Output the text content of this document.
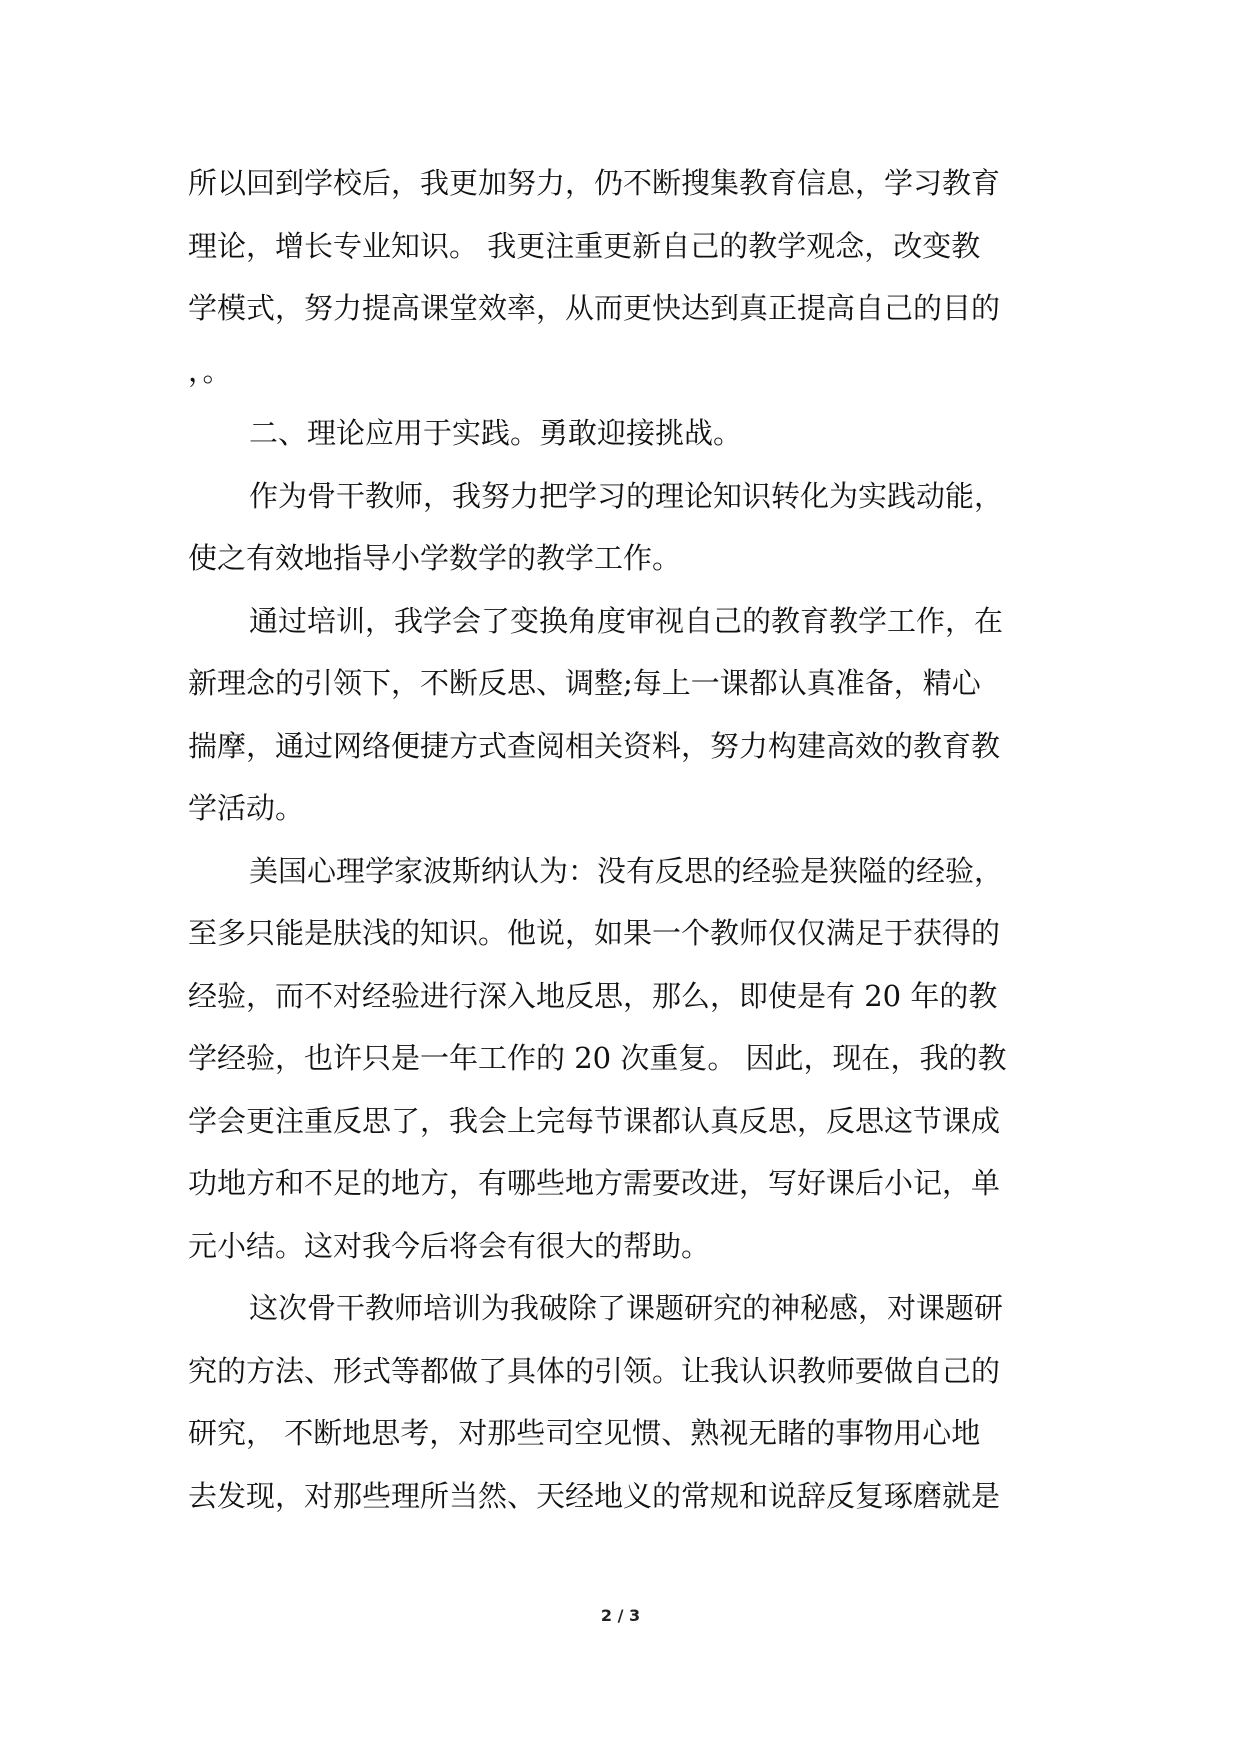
所以回到学校后，我更加努力，仍不断搜集教育信息，学习教育
理论，增长专业知识。 我更注重更新自己的教学观念，改变教
学模式，努力提高课堂效率，从而更快达到真正提高自己的目的
，。
二、理论应用于实践。勇敢迎接挑战。
作为骨干教师，我努力把学习的理论知识转化为实践动能，
使之有效地指导小学数学的教学工作。
通过培训，我学会了变换角度审视自己的教育教学工作，在
新理念的引领下，不断反思、调整;每上一课都认真准备，精心
揣摩，通过网络便捷方式查阅相关资料，努力构建高效的教育教
学活动。
美国心理学家波斯纳认为：没有反思的经验是狭隘的经验，
至多只能是肤浅的知识。他说，如果一个教师仅仅满足于获得的
经验，而不对经验进行深入地反思，那么，即使是有 20 年的教
学经验，也许只是一年工作的 20 次重复。 因此，现在，我的教
学会更注重反思了，我会上完每节课都认真反思，反思这节课成
功地方和不足的地方，有哪些地方需要改进，写好课后小记，单
元小结。这对我今后将会有很大的帮助。
这次骨干教师培训为我破除了课题研究的神秘感，对课题研
究的方法、形式等都做了具体的引领。让我认识教师要做自己的
研究， 不断地思考，对那些司空见惯、熟视无睹的事物用心地
去发现，对那些理所当然、天经地义的常规和说辞反复琢磨就是
2 / 3
